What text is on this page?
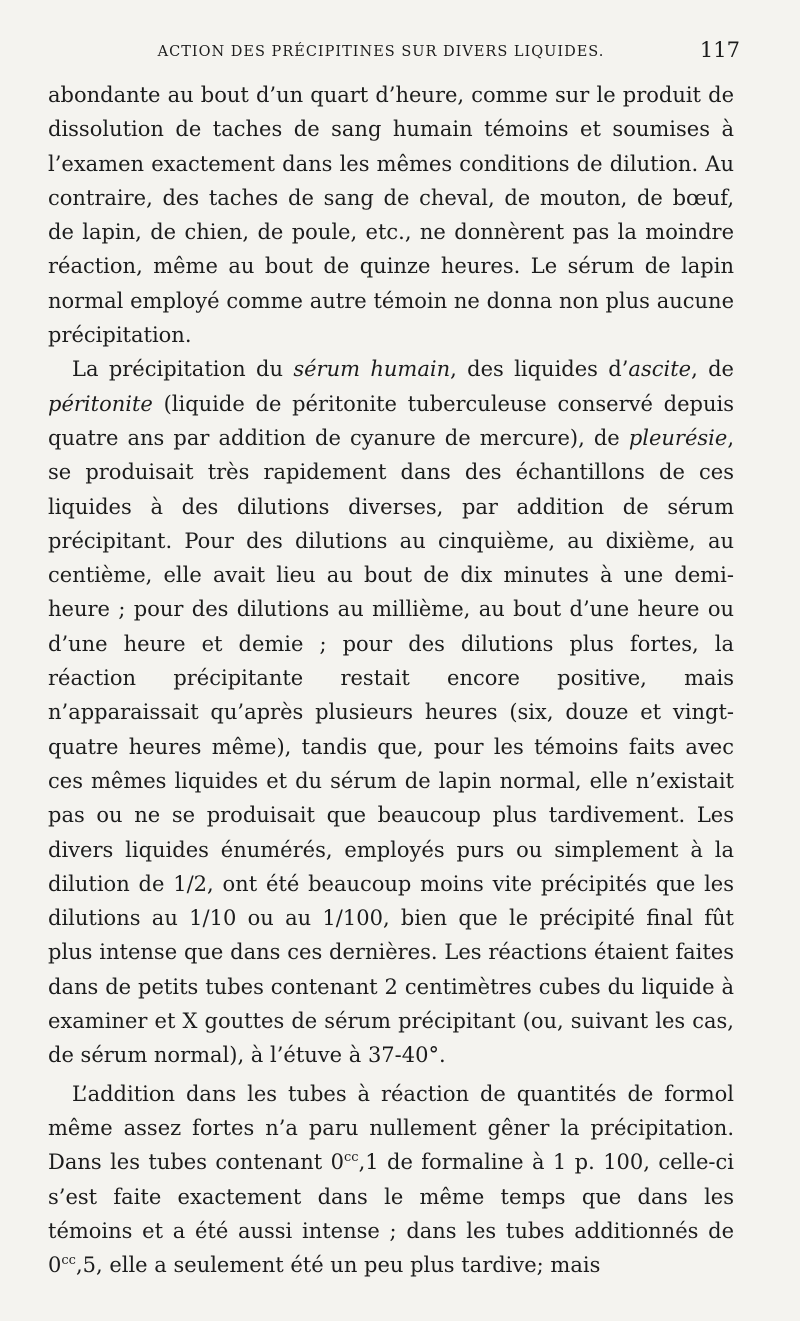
ACTION DES PRÉCIPITINES SUR DIVERS LIQUIDES.	117

abondante au bout d’un quart d’heure, comme sur le produit de dissolution de taches de sang humain témoins et soumises à l’examen exactement dans les mêmes conditions de dilution. Au contraire, des taches de sang de cheval, de mouton, de bœuf, de lapin, de chien, de poule, etc., ne donnèrent pas la moindre réaction, même au bout de quinze heures. Le sérum de lapin normal employé comme autre témoin ne donna non plus aucune précipitation.

La précipitation du sérum humain, des liquides d’ascite, de péritonite (liquide de péritonite tuberculeuse conservé depuis quatre ans par addition de cyanure de mercure), de pleurésie, se produisait très rapidement dans des échantillons de ces liquides à des dilutions diverses, par addition de sérum précipitant. Pour des dilutions au cinquième, au dixième, au centième, elle avait lieu au bout de dix minutes à une demi-heure ; pour des dilutions au millième, au bout d’une heure ou d’une heure et demie ; pour des dilutions plus fortes, la réaction précipitante restait encore positive, mais n’apparaissait qu’après plusieurs heures (six, douze et vingt-quatre heures même), tandis que, pour les témoins faits avec ces mêmes liquides et du sérum de lapin normal, elle n’existait pas ou ne se produisait que beaucoup plus tardivement. Les divers liquides énumérés, employés purs ou simplement à la dilution de 1/2, ont été beaucoup moins vite précipités que les dilutions au 1/10 ou au 1/100, bien que le précipité final fût plus intense que dans ces dernières. Les réactions étaient faites dans de petits tubes contenant 2 centimètres cubes du liquide à examiner et X gouttes de sérum précipitant (ou, suivant les cas, de sérum normal), à l’étuve à 37-40°.

L’addition dans les tubes à réaction de quantités de formol même assez fortes n’a paru nullement gêner la précipitation. Dans les tubes contenant $0^{cc},1$ de formaline à 1 p. 100, celle-ci s’est faite exactement dans le même temps que dans les témoins et a été aussi intense ; dans les tubes additionnés de $0^{cc},5$, elle a seulement été un peu plus tardive; mais
